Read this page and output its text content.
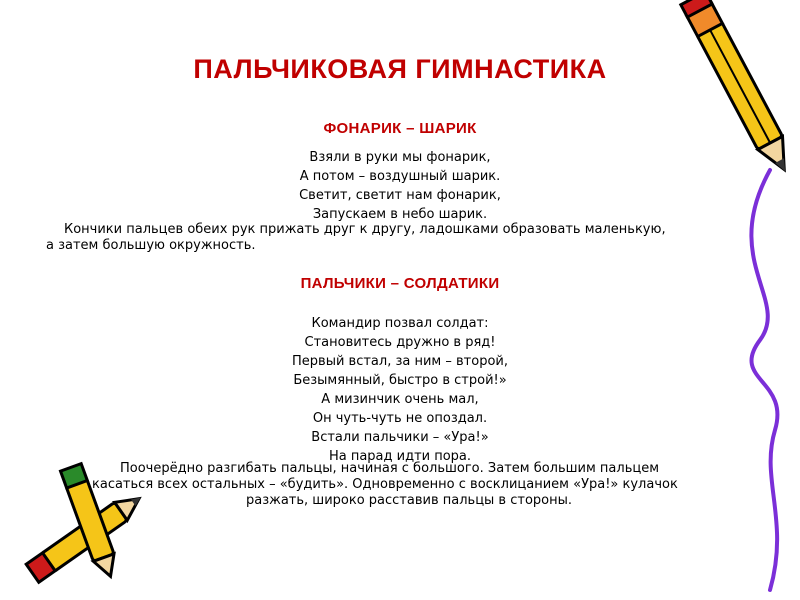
ПАЛЬЧИКОВАЯ ГИМНАСТИКА
ФОНАРИК – ШАРИК
Взяли в руки мы фонарик,
А потом – воздушный шарик.
Светит, светит нам фонарик,
Запускаем в небо шарик.
Кончики пальцев обеих рук прижать друг к другу, ладошками образовать маленькую,
а затем большую окружность.
ПАЛЬЧИКИ – СОЛДАТИКИ
Командир позвал солдат:
Становитесь дружно в ряд!
Первый встал, за ним – второй,
Безымянный, быстро в строй!»
А мизинчик очень мал,
Он чуть-чуть не опоздал.
Встали пальчики – «Ура!»
На парад идти пора.
Поочерёдно разгибать пальцы, начиная с большого. Затем большим пальцем
касаться всех остальных – «будить». Одновременно с восклицанием «Ура!» кулачок
разжать, широко расставив пальцы в стороны.
